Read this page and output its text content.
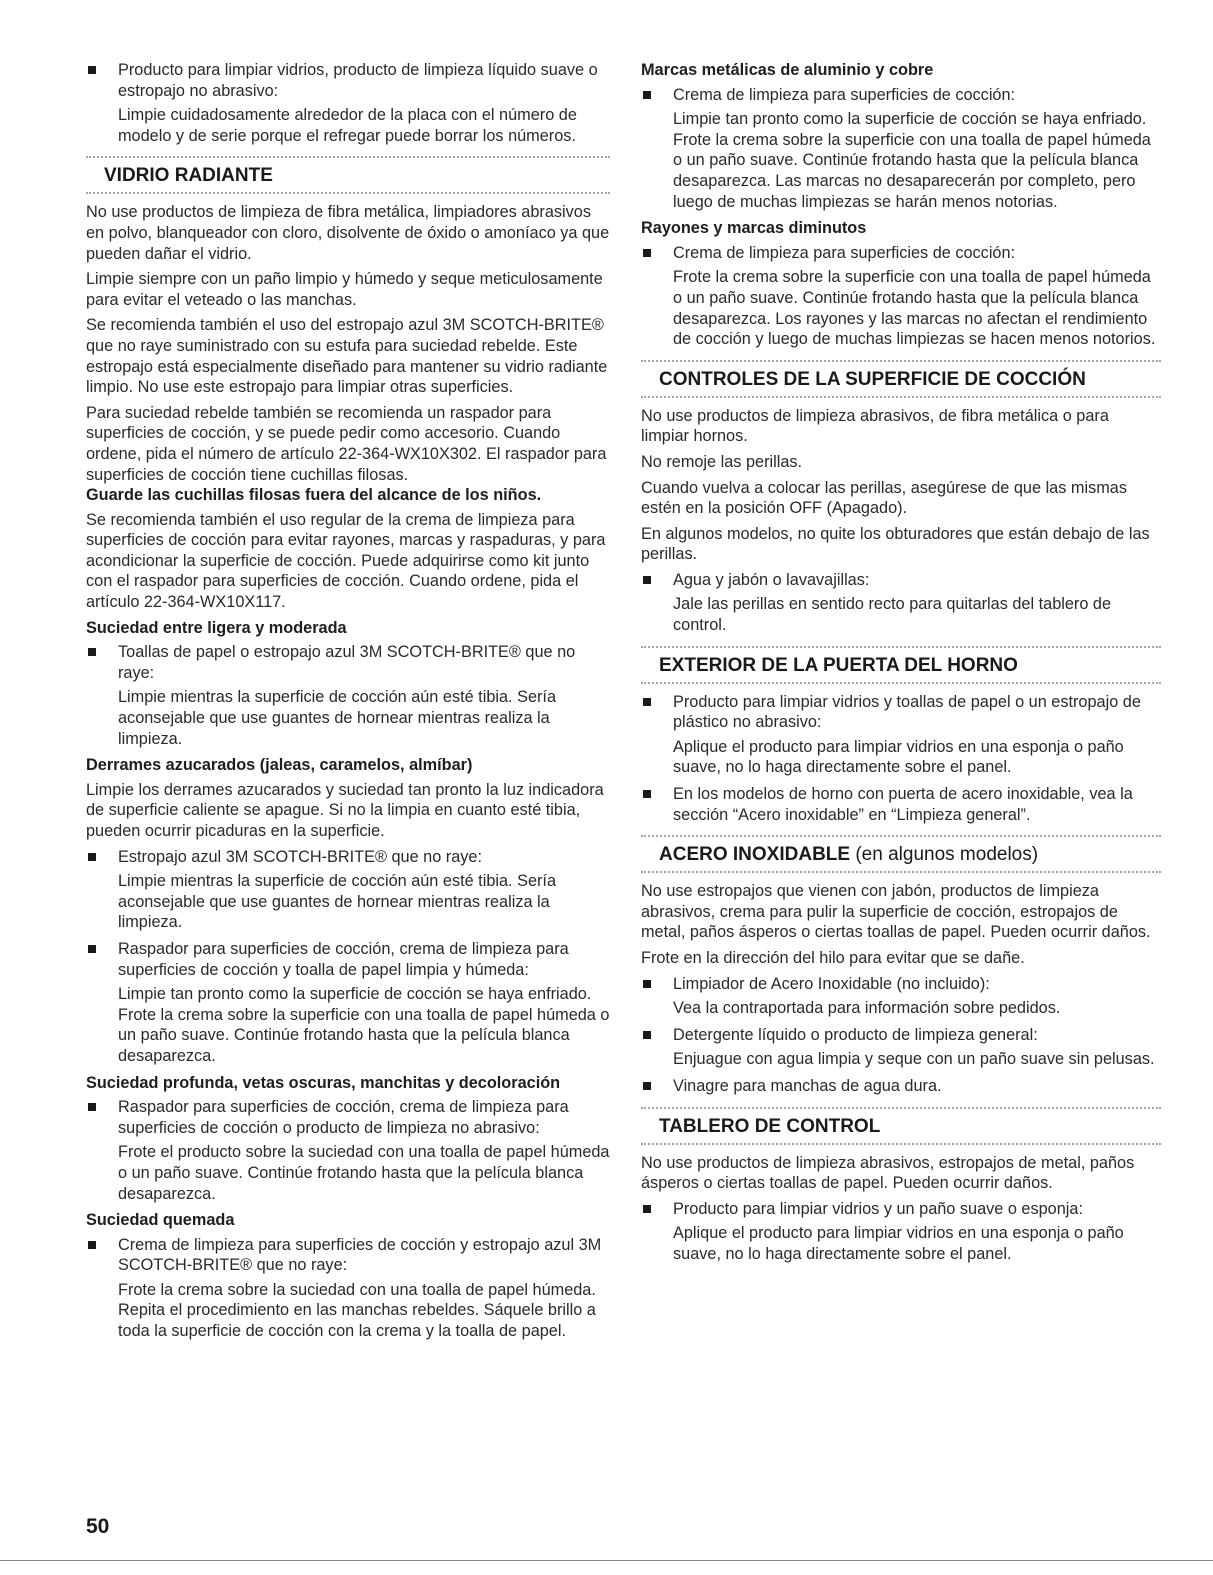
Producto para limpiar vidrios, producto de limpieza líquido suave o estropajo no abrasivo:

Limpie cuidadosamente alrededor de la placa con el número de modelo y de serie porque el refregar puede borrar los números.

VIDRIO RADIANTE

No use productos de limpieza de fibra metálica, limpiadores abrasivos en polvo, blanqueador con cloro, disolvente de óxido o amoníaco ya que pueden dañar el vidrio.

Limpie siempre con un paño limpio y húmedo y seque meticulosamente para evitar el veteado o las manchas.

Se recomienda también el uso del estropajo azul 3M SCOTCH-BRITE® que no raye suministrado con su estufa para suciedad rebelde. Este estropajo está especialmente diseñado para mantener su vidrio radiante limpio. No use este estropajo para limpiar otras superficies.

Para suciedad rebelde también se recomienda un raspador para superficies de cocción, y se puede pedir como accesorio. Cuando ordene, pida el número de artículo 22-364-WX10X302. El raspador para superficies de cocción tiene cuchillas filosas.

Guarde las cuchillas filosas fuera del alcance de los niños.

Se recomienda también el uso regular de la crema de limpieza para superficies de cocción para evitar rayones, marcas y raspaduras, y para acondicionar la superficie de cocción. Puede adquirirse como kit junto con el raspador para superficies de cocción. Cuando ordene, pida el artículo 22-364-WX10X117.

Suciedad entre ligera y moderada

Toallas de papel o estropajo azul 3M SCOTCH-BRITE® que no raye:

Limpie mientras la superficie de cocción aún esté tibia. Sería aconsejable que use guantes de hornear mientras realiza la limpieza.

Derrames azucarados (jaleas, caramelos, almíbar)

Limpie los derrames azucarados y suciedad tan pronto la luz indicadora de superficie caliente se apague. Si no la limpia en cuanto esté tibia, pueden ocurrir picaduras en la superficie.

Estropajo azul 3M SCOTCH-BRITE® que no raye:

Limpie mientras la superficie de cocción aún esté tibia. Sería aconsejable que use guantes de hornear mientras realiza la limpieza.

Raspador para superficies de cocción, crema de limpieza para superficies de cocción y toalla de papel limpia y húmeda:

Limpie tan pronto como la superficie de cocción se haya enfriado. Frote la crema sobre la superficie con una toalla de papel húmeda o un paño suave. Continúe frotando hasta que la película blanca desaparezca.

Suciedad profunda, vetas oscuras, manchitas y decoloración

Raspador para superficies de cocción, crema de limpieza para superficies de cocción o producto de limpieza no abrasivo:

Frote el producto sobre la suciedad con una toalla de papel húmeda o un paño suave. Continúe frotando hasta que la película blanca desaparezca.

Suciedad quemada

Crema de limpieza para superficies de cocción y estropajo azul 3M SCOTCH-BRITE® que no raye:

Frote la crema sobre la suciedad con una toalla de papel húmeda. Repita el procedimiento en las manchas rebeldes. Sáquele brillo a toda la superficie de cocción con la crema y la toalla de papel.

Marcas metálicas de aluminio y cobre

Crema de limpieza para superficies de cocción:

Limpie tan pronto como la superficie de cocción se haya enfriado. Frote la crema sobre la superficie con una toalla de papel húmeda o un paño suave. Continúe frotando hasta que la película blanca desaparezca. Las marcas no desaparecerán por completo, pero luego de muchas limpiezas se harán menos notorias.

Rayones y marcas diminutos

Crema de limpieza para superficies de cocción:

Frote la crema sobre la superficie con una toalla de papel húmeda o un paño suave. Continúe frotando hasta que la película blanca desaparezca. Los rayones y las marcas no afectan el rendimiento de cocción y luego de muchas limpiezas se hacen menos notorios.

CONTROLES DE LA SUPERFICIE DE COCCIÓN

No use productos de limpieza abrasivos, de fibra metálica o para limpiar hornos.

No remoje las perillas.

Cuando vuelva a colocar las perillas, asegúrese de que las mismas estén en la posición OFF (Apagado).

En algunos modelos, no quite los obturadores que están debajo de las perillas.

Agua y jabón o lavavajillas:

Jale las perillas en sentido recto para quitarlas del tablero de control.

EXTERIOR DE LA PUERTA DEL HORNO

Producto para limpiar vidrios y toallas de papel o un estropajo de plástico no abrasivo:

Aplique el producto para limpiar vidrios en una esponja o paño suave, no lo haga directamente sobre el panel.

En los modelos de horno con puerta de acero inoxidable, vea la sección “Acero inoxidable” en “Limpieza general”.

ACERO INOXIDABLE (en algunos modelos)

No use estropajos que vienen con jabón, productos de limpieza abrasivos, crema para pulir la superficie de cocción, estropajos de metal, paños ásperos o ciertas toallas de papel. Pueden ocurrir daños.

Frote en la dirección del hilo para evitar que se dañe.

Limpiador de Acero Inoxidable (no incluido):

Vea la contraportada para información sobre pedidos.

Detergente líquido o producto de limpieza general:

Enjuague con agua limpia y seque con un paño suave sin pelusas.

Vinagre para manchas de agua dura.

TABLERO DE CONTROL

No use productos de limpieza abrasivos, estropajos de metal, paños ásperos o ciertas toallas de papel. Pueden ocurrir daños.

Producto para limpiar vidrios y un paño suave o esponja:

Aplique el producto para limpiar vidrios en una esponja o paño suave, no lo haga directamente sobre el panel.

50
